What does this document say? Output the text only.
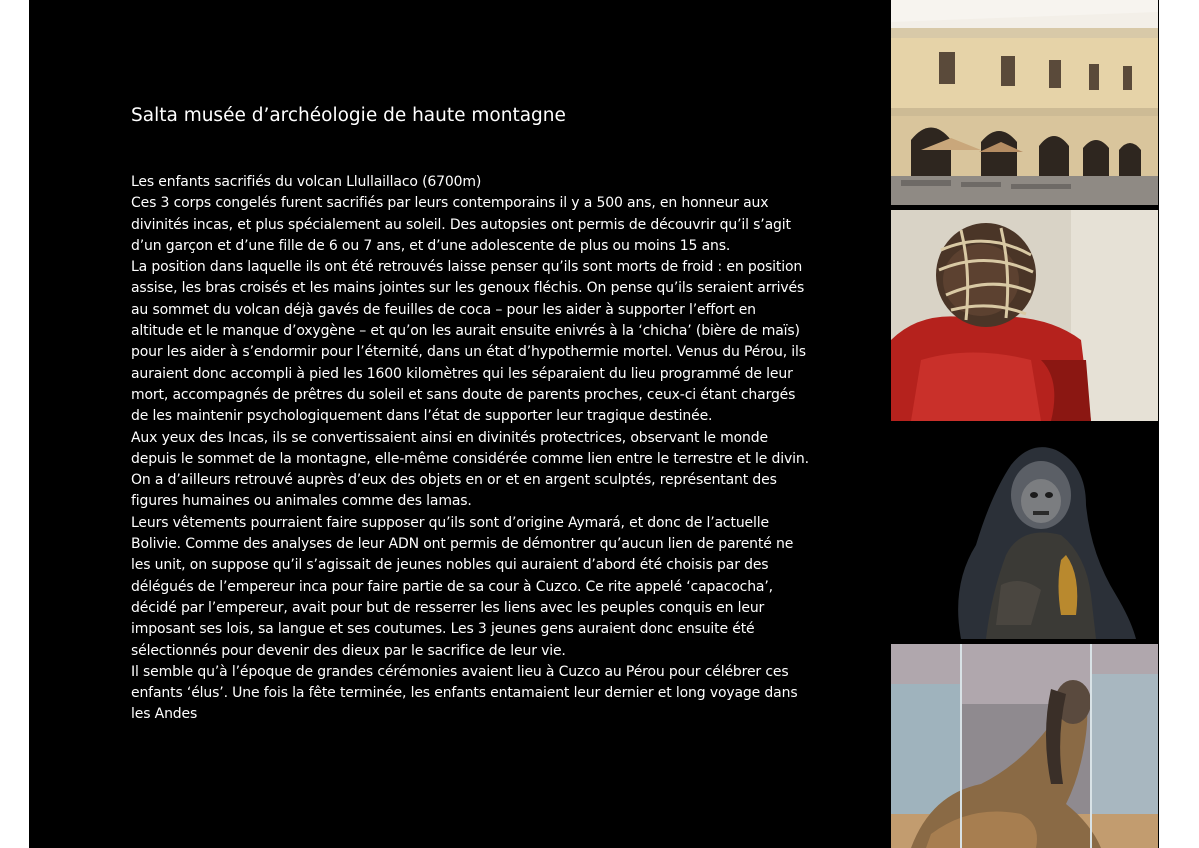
Salta musée d’archéologie de haute montagne

Les enfants sacrifiés du volcan Llullaillaco (6700m)

Ces 3 corps congelés furent sacrifiés par leurs contemporains il y a 500 ans, en honneur aux divinités incas, et plus spécialement au soleil. Des autopsies ont permis de découvrir qu’il s’agit d’un garçon et d’une fille de 6 ou 7 ans, et d’une adolescente de plus ou moins 15 ans.

La position dans laquelle ils ont été retrouvés laisse penser qu’ils sont morts de froid : en position assise, les bras croisés et les mains jointes sur les genoux fléchis. On pense qu’ils seraient arrivés au sommet du volcan déjà gavés de feuilles de coca – pour les aider à supporter l’effort en altitude et le manque d’oxygène – et qu’on les aurait ensuite enivrés à la ‘chicha’ (bière de maïs) pour les aider à s’endormir pour l’éternité, dans un état d’hypothermie mortel. Venus du Pérou, ils auraient donc accompli à pied les 1600 kilomètres qui les séparaient du lieu programmé de leur mort, accompagnés de prêtres du soleil et sans doute de parents proches, ceux-ci étant chargés de les maintenir psychologiquement dans l’état de supporter leur tragique destinée.

Aux yeux des Incas, ils se convertissaient ainsi en divinités protectrices, observant le monde depuis le sommet de la montagne, elle-même considérée comme lien entre le terrestre et le divin. On a d’ailleurs retrouvé auprès d’eux des objets en or et en argent sculptés, représentant des figures humaines ou animales comme des lamas.

Leurs vêtements pourraient faire supposer qu’ils sont d’origine Aymará, et donc de l’actuelle Bolivie. Comme des analyses de leur ADN ont permis de démontrer qu’aucun lien de parenté ne les unit, on suppose qu’il s’agissait de jeunes nobles qui auraient d’abord été choisis par des délégués de l’empereur inca pour faire partie de sa cour à Cuzco. Ce rite appelé ‘capacocha’, décidé par l’empereur, avait pour but de resserrer les liens avec les peuples conquis en leur imposant ses lois, sa langue et ses coutumes. Les 3 jeunes gens auraient donc ensuite été sélectionnés pour devenir des dieux par le sacrifice de leur vie.

Il semble qu’à l’époque de grandes cérémonies avaient lieu à Cuzco au Pérou pour célébrer ces enfants ‘élus’. Une fois la fête terminée, les enfants entamaient leur dernier et long voyage dans les Andes
